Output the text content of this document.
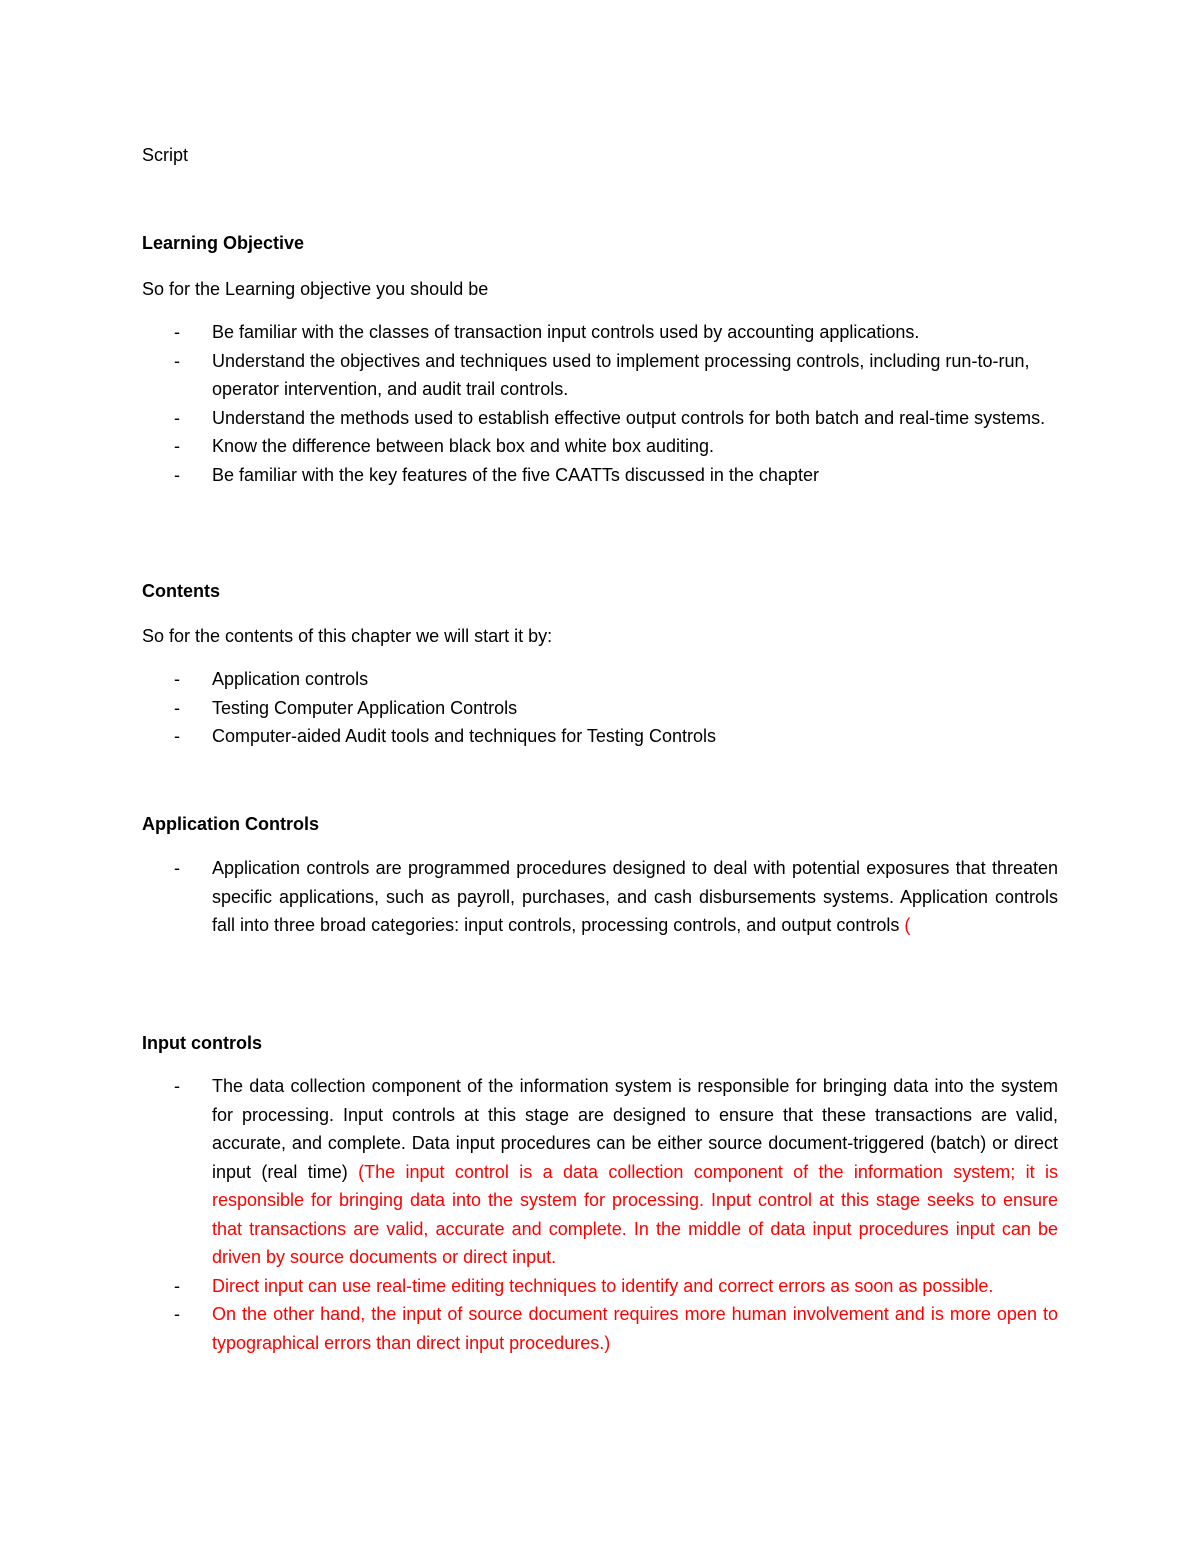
Script
Learning Objective
So for the Learning objective you should be
- Be familiar with the classes of transaction input controls used by accounting applications.
- Understand the objectives and techniques used to implement processing controls, including run-to-run, operator intervention, and audit trail controls.
- Understand the methods used to establish effective output controls for both batch and real-time systems.
- Know the difference between black box and white box auditing.
- Be familiar with the key features of the five CAATTs discussed in the chapter
Contents
So for the contents of this chapter we will start it by:
- Application controls
- Testing Computer Application Controls
- Computer-aided Audit tools and techniques for Testing Controls
Application Controls
- Application controls are programmed procedures designed to deal with potential exposures that threaten specific applications, such as payroll, purchases, and cash disbursements systems. Application controls fall into three broad categories: input controls, processing controls, and output controls (
Input controls
- The data collection component of the information system is responsible for bringing data into the system for processing. Input controls at this stage are designed to ensure that these transactions are valid, accurate, and complete. Data input procedures can be either source document-triggered (batch) or direct input (real time) (The input control is a data collection component of the information system; it is responsible for bringing data into the system for processing. Input control at this stage seeks to ensure that transactions are valid, accurate and complete. In the middle of data input procedures input can be driven by source documents or direct input.
- Direct input can use real-time editing techniques to identify and correct errors as soon as possible.
- On the other hand, the input of source document requires more human involvement and is more open to typographical errors than direct input procedures.)
